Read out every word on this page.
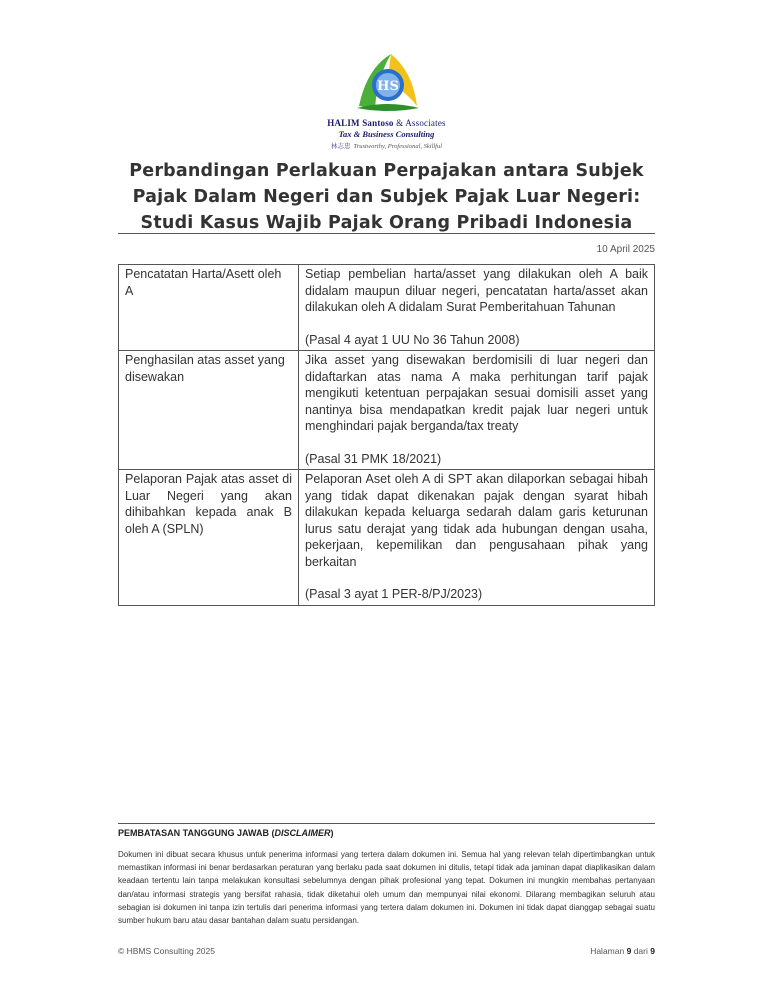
HS
HALIM Santoso & Associates
Tax & Business Consulting
林志忠 Trustworthy, Professional, Skillful
Perbandingan Perlakuan Perpajakan antara Subjek Pajak Dalam Negeri dan Subjek Pajak Luar Negeri: Studi Kasus Wajib Pajak Orang Pribadi Indonesia
10 April 2025
Pencatatan Harta/Asett oleh A	Setiap pembelian harta/asset yang dilakukan oleh A baik didalam maupun diluar negeri, pencatatan harta/asset akan dilakukan oleh A didalam Surat Pemberitahuan Tahunan
(Pasal 4 ayat 1 UU No 36 Tahun 2008)

Penghasilan atas asset yang disewakan	Jika asset yang disewakan berdomisili di luar negeri dan didaftarkan atas nama A maka perhitungan tarif pajak mengikuti ketentuan perpajakan sesuai domisili asset yang nantinya bisa mendapatkan kredit pajak luar negeri untuk menghindari pajak berganda/tax treaty
(Pasal 31 PMK 18/2021)

Pelaporan Pajak atas asset di Luar Negeri yang akan dihibahkan kepada anak B oleh A (SPLN)	Pelaporan Aset oleh A di SPT akan dilaporkan sebagai hibah yang tidak dapat dikenakan pajak dengan syarat hibah dilakukan kepada keluarga sedarah dalam garis keturunan lurus satu derajat yang tidak ada hubungan dengan usaha, pekerjaan, kepemilikan dan pengusahaan pihak yang berkaitan
(Pasal 3 ayat 1 PER-8/PJ/2023)
PEMBATASAN TANGGUNG JAWAB (DISCLAIMER)
Dokumen ini dibuat secara khusus untuk penerima informasi yang tertera dalam dokumen ini. Semua hal yang relevan telah dipertimbangkan untuk memastikan informasi ini benar berdasarkan peraturan yang berlaku pada saat dokumen ini ditulis, tetapi tidak ada jaminan dapat diaplikasikan dalam keadaan tertentu lain tanpa melakukan konsultasi sebelumnya dengan pihak profesional yang tepat. Dokumen ini mungkin membahas pertanyaan dan/atau informasi strategis yang bersifat rahasia, tidak diketahui oleh umum dan mempunyai nilai ekonomi. Dilarang membagikan seluruh atau sebagian isi dokumen ini tanpa izin tertulis dari penerima informasi yang tertera dalam dokumen ini. Dokumen ini tidak dapat dianggap sebagai suatu sumber hukum baru atau dasar bantahan dalam suatu persidangan.
© HBMS Consulting 2025	Halaman 9 dari 9
